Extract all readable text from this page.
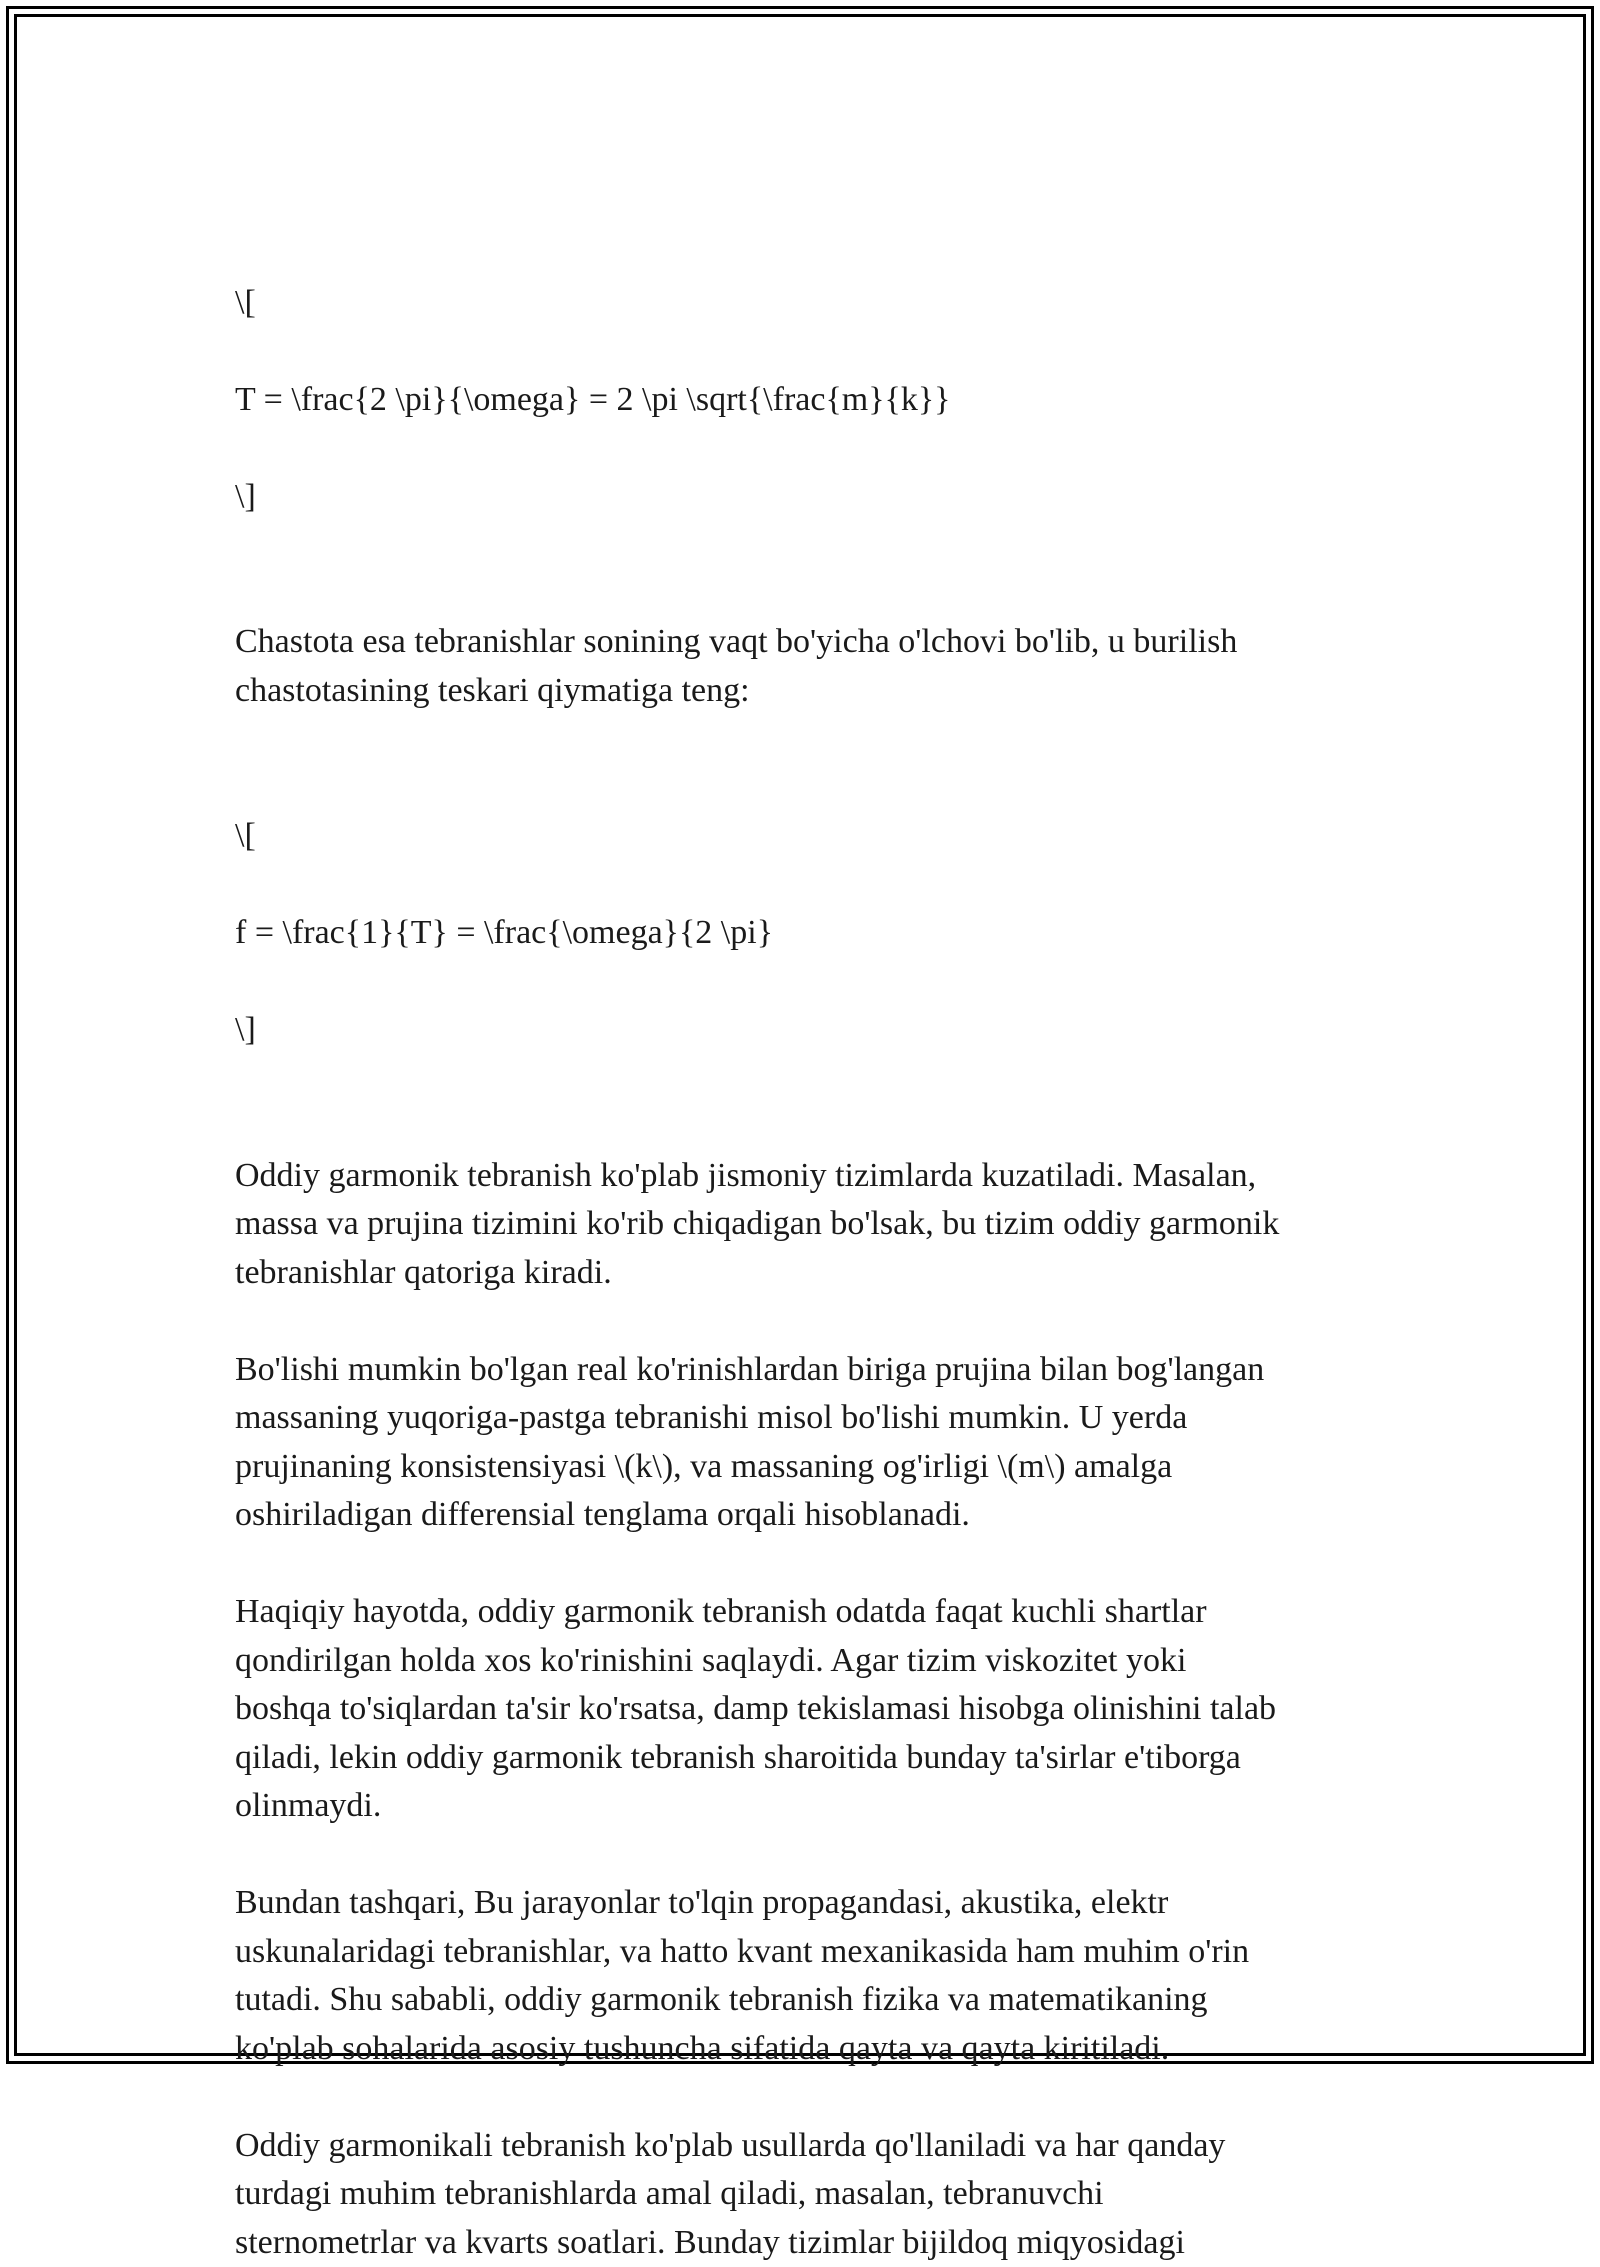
\[

T = \frac{2 \pi}{\omega} = 2 \pi \sqrt{\frac{m}{k}}

\]

Chastota esa tebranishlar sonining vaqt bo'yicha o'lchovi bo'lib, u burilish
chastotasining teskari qiymatiga teng:

\[

f = \frac{1}{T} = \frac{\omega}{2 \pi}

\]

Oddiy garmonik tebranish ko'plab jismoniy tizimlarda kuzatiladi. Masalan,
massa va prujina tizimini ko'rib chiqadigan bo'lsak, bu tizim oddiy garmonik
tebranishlar qatoriga kiradi.

Bo'lishi mumkin bo'lgan real ko'rinishlardan biriga prujina bilan bog'langan
massaning yuqoriga-pastga tebranishi misol bo'lishi mumkin. U yerda
prujinaning konsistensiyasi \(k\), va massaning og'irligi \(m\) amalga
oshiriladigan differensial tenglama orqali hisoblanadi.

Haqiqiy hayotda, oddiy garmonik tebranish odatda faqat kuchli shartlar
qondirilgan holda xos ko'rinishini saqlaydi. Agar tizim viskozitet yoki
boshqa to'siqlardan ta'sir ko'rsatsa, damp tekislamasi hisobga olinishini talab
qiladi, lekin oddiy garmonik tebranish sharoitida bunday ta'sirlar e'tiborga
olinmaydi.

Bundan tashqari, Bu jarayonlar to'lqin propagandasi, akustika, elektr
uskunalaridagi tebranishlar, va hatto kvant mexanikasida ham muhim o'rin
tutadi. Shu sababli, oddiy garmonik tebranish fizika va matematikaning
ko'plab sohalarida asosiy tushuncha sifatida qayta va qayta kiritiladi.

Oddiy garmonikali tebranish ko'plab usullarda qo'llaniladi va har qanday
turdagi muhim tebranishlarda amal qiladi, masalan, tebranuvchi
sternometrlar va kvarts soatlari. Bunday tizimlar bijildoq miqyosidagi
